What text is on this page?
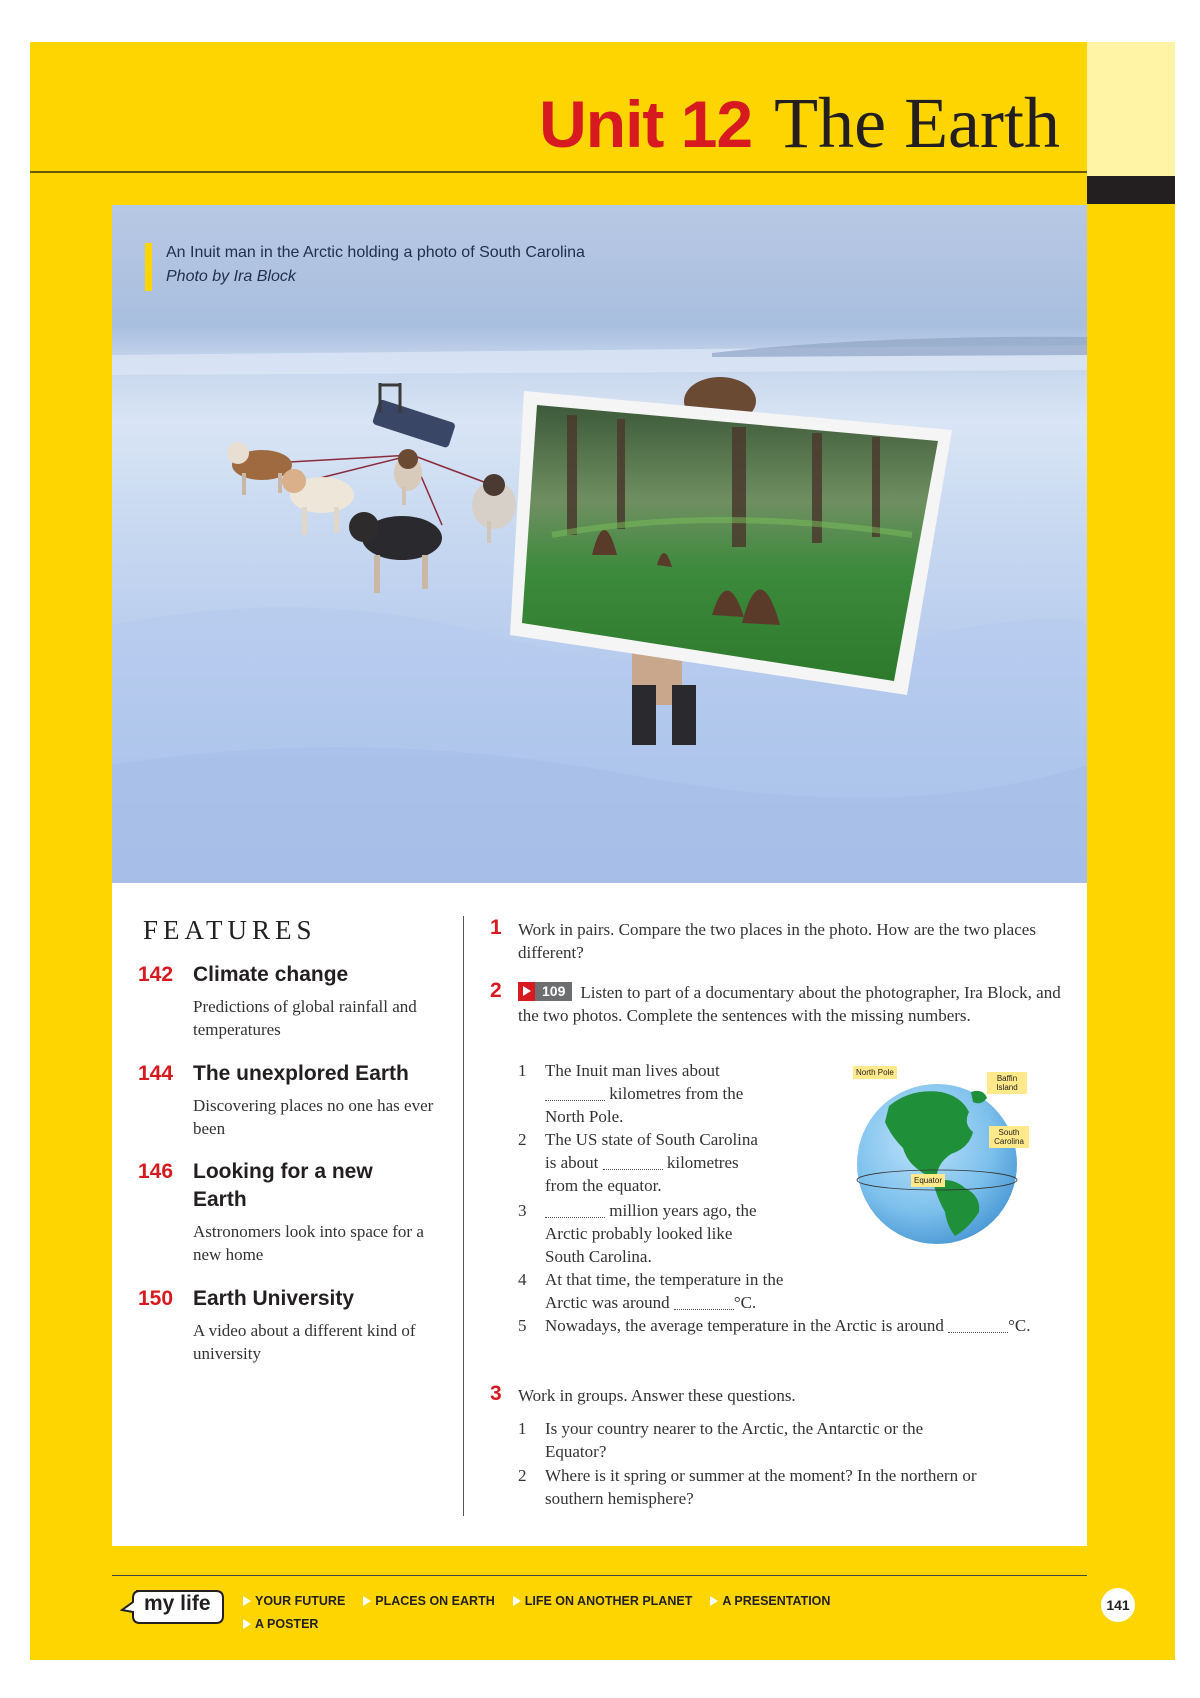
Unit 12 The Earth
An Inuit man in the Arctic holding a photo of South Carolina
Photo by Ira Block
FEATURES
142 Climate change
Predictions of global rainfall and temperatures
144 The unexplored Earth
Discovering places no one has ever been
146 Looking for a new Earth
Astronomers look into space for a new home
150 Earth University
A video about a different kind of university
1 Work in pairs. Compare the two places in the photo. How are the two places different?
2	109 Listen to part of a documentary about the photographer, Ira Block, and the two photos. Complete the sentences with the missing numbers.
1 The Inuit man lives about  kilometres from the North Pole.
2 The US state of South Carolina is about	kilometres from the equator.
3	million years ago, the Arctic probably looked like South Carolina.
4 At that time, the temperature in the Arctic was around	°C.
5 Nowadays, the average temperature in the Arctic is around	°C.
North Pole
Baffin Island
South Carolina
Equator
3 Work in groups. Answer these questions.
1 Is your country nearer to the Arctic, the Antarctic or the Equator?
2 Where is it spring or summer at the moment? In the northern or southern hemisphere?
my life	YOUR FUTURE PLACES ON EARTH LIFE ON ANOTHER PLANET A PRESENTATION
A POSTER
141
